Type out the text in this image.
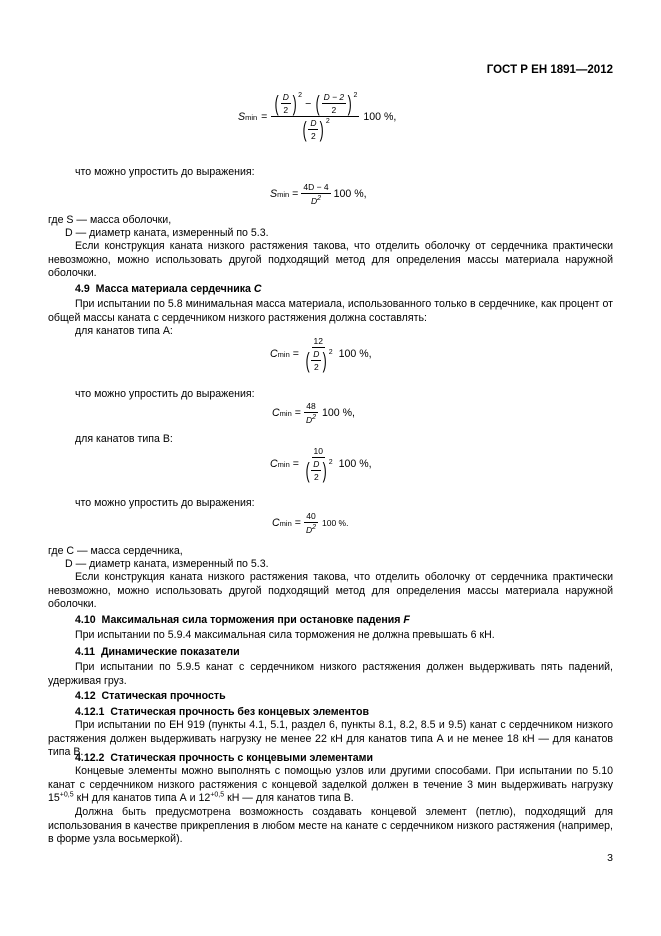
ГОСТ Р ЕН 1891—2012
Smin =
( $\frac{D}{2}$ ) 2
− ( $\frac{D - 2}{2}$ ) 2
( $\frac{D}{2}$ ) 2	100 %,
что можно упростить до выражения:
$Smin = \frac{4D - 4}{D^2} 100$ %,
где S — масса оболочки,
D — диаметр каната, измеренный по 5.3.
Если конструкция каната низкого растяжения такова, что отделить оболочку от сердечника практически невозможно, можно использовать другой подходящий метод для определения массы материала наружной оболочки.
4.9 Масса материала сердечника C
При испытании по 5.8 минимальная масса материала, использованного только в сердечнике, как процент от общей массы каната с сердечником низкого растяжения должна составлять:
для канатов типа А:
$Cmin = \frac{12}{( \frac{D}{2} ) 2} 100$ %,
что можно упростить до выражения:
$Cmin = \frac{48}{D^2} 100$ %,
для канатов типа В:
$Cmin = \frac{10}{( \frac{D}{2} ) 2} 100$ %,
что можно упростить до выражения:
$Cmin = \frac{40}{D^2} 100$ %.
где C — масса сердечника,
D — диаметр каната, измеренный по 5.3.
Если конструкция каната низкого растяжения такова, что отделить оболочку от сердечника практически невозможно, можно использовать другой подходящий метод для определения массы материала наружной оболочки.
4.10 Максимальная сила торможения при остановке падения F
При испытании по 5.9.4 максимальная сила торможения не должна превышать 6 кН.
4.11 Динамические показатели
При испытании по 5.9.5 канат с сердечником низкого растяжения должен выдерживать пять падений, удерживая груз.
4.12 Статическая прочность
4.12.1 Статическая прочность без концевых элементов
При испытании по ЕН 919 (пункты 4.1, 5.1, раздел 6, пункты 8.1, 8.2, 8.5 и 9.5) канат с сердечником низкого растяжения должен выдерживать нагрузку не менее 22 кН для канатов типа А и не менее 18 кН — для канатов типа В.
4.12.2 Статическая прочность с концевыми элементами
Концевые элементы можно выполнять с помощью узлов или другими способами. При испытании по 5.10 канат с сердечником низкого растяжения с концевой заделкой должен в течение 3 мин выдерживать нагрузку $15^{+0,5}$ кН для канатов типа А и $12^{+0,5}$ кН — для канатов типа В.
Должна быть предусмотрена возможность создавать концевой элемент (петлю), подходящий для использования в качестве прикрепления в любом месте на канате с сердечником низкого растяжения (например, в форме узла восьмеркой).
3
